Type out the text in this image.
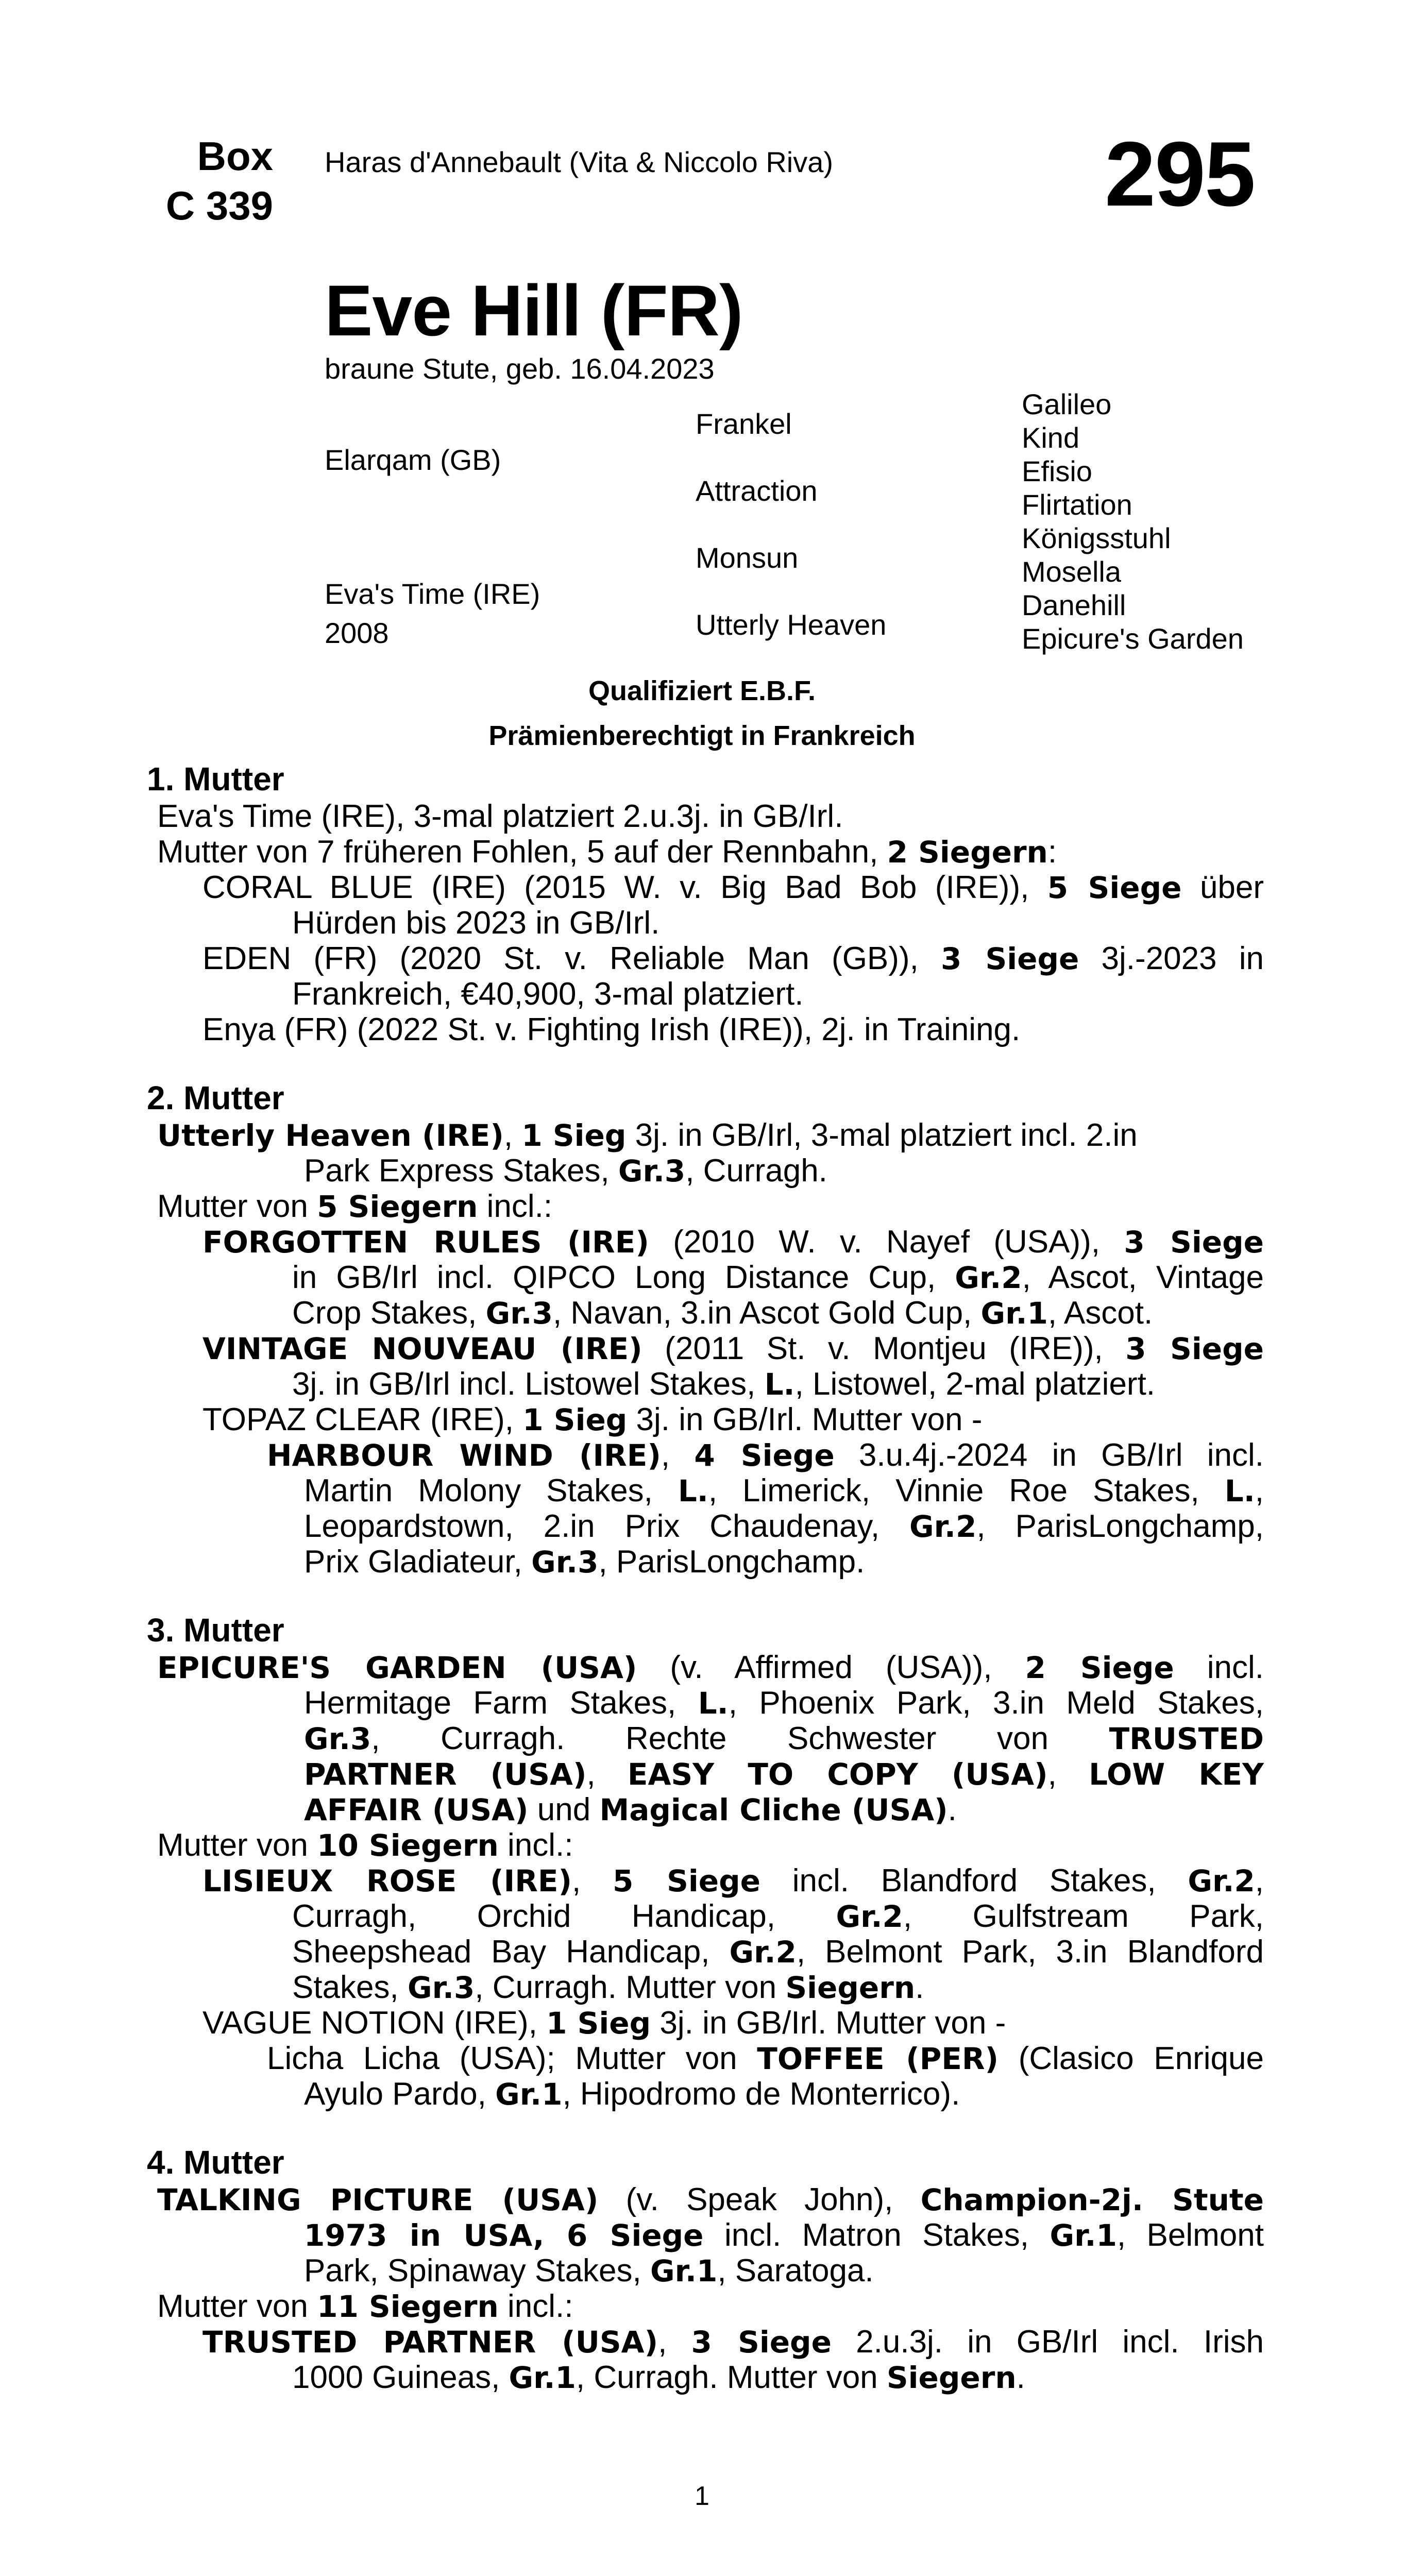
Box
C 339
Haras d'Annebault (Vita & Niccolo Riva)	295
Eve Hill (FR)
braune Stute, geb. 16.04.2023
Elarqam (GB)
Eva's Time (IRE)
2008
Frankel
Attraction
Monsun
Utterly Heaven
Galileo
Kind
Efisio
Flirtation
Königsstuhl
Mosella
Danehill
Epicure's Garden
Qualifiziert E.B.F.
Prämienberechtigt in Frankreich
1. Mutter
Eva's Time (IRE), 3-mal platziert 2.u.3j. in GB/Irl.
Mutter von 7 früheren Fohlen, 5 auf der Rennbahn, 2 Siegern:
CORAL BLUE (IRE) (2015 W. v. Big Bad Bob (IRE)), 5 Siege über
Hürden bis 2023 in GB/Irl.
EDEN (FR) (2020 St. v. Reliable Man (GB)), 3 Siege 3j.-2023 in
Frankreich, €40,900, 3-mal platziert.
Enya (FR) (2022 St. v. Fighting Irish (IRE)), 2j. in Training.
2. Mutter
Utterly Heaven (IRE), 1 Sieg 3j. in GB/Irl, 3-mal platziert incl. 2.in
Park Express Stakes, Gr.3, Curragh.
Mutter von 5 Siegern incl.:
FORGOTTEN RULES (IRE) (2010 W. v. Nayef (USA)), 3 Siege
in GB/Irl incl. QIPCO Long Distance Cup, Gr.2, Ascot, Vintage
Crop Stakes, Gr.3, Navan, 3.in Ascot Gold Cup, Gr.1, Ascot.
VINTAGE NOUVEAU (IRE) (2011 St. v. Montjeu (IRE)), 3 Siege
3j. in GB/Irl incl. Listowel Stakes, L., Listowel, 2-mal platziert.
TOPAZ CLEAR (IRE), 1 Sieg 3j. in GB/Irl. Mutter von -
HARBOUR WIND (IRE), 4 Siege 3.u.4j.-2024 in GB/Irl incl.
Martin Molony Stakes, L., Limerick, Vinnie Roe Stakes, L.,
Leopardstown, 2.in Prix Chaudenay, Gr.2, ParisLongchamp,
Prix Gladiateur, Gr.3, ParisLongchamp.
3. Mutter
EPICURE'S GARDEN (USA) (v. Affirmed (USA)), 2 Siege incl.
Hermitage Farm Stakes, L., Phoenix Park, 3.in Meld Stakes,
Gr.3, Curragh. Rechte Schwester von TRUSTED
PARTNER (USA), EASY TO COPY (USA), LOW KEY
AFFAIR (USA) und Magical Cliche (USA).
Mutter von 10 Siegern incl.:
LISIEUX ROSE (IRE), 5 Siege incl. Blandford Stakes, Gr.2,
Curragh, Orchid Handicap, Gr.2, Gulfstream Park,
Sheepshead Bay Handicap, Gr.2, Belmont Park, 3.in Blandford
Stakes, Gr.3, Curragh. Mutter von Siegern.
VAGUE NOTION (IRE), 1 Sieg 3j. in GB/Irl. Mutter von -
Licha Licha (USA); Mutter von TOFFEE (PER) (Clasico Enrique
Ayulo Pardo, Gr.1, Hipodromo de Monterrico).
4. Mutter
TALKING PICTURE (USA) (v. Speak John), Champion-2j. Stute
1973 in USA, 6 Siege incl. Matron Stakes, Gr.1, Belmont
Park, Spinaway Stakes, Gr.1, Saratoga.
Mutter von 11 Siegern incl.:
TRUSTED PARTNER (USA), 3 Siege 2.u.3j. in GB/Irl incl. Irish
1000 Guineas, Gr.1, Curragh. Mutter von Siegern.
1
